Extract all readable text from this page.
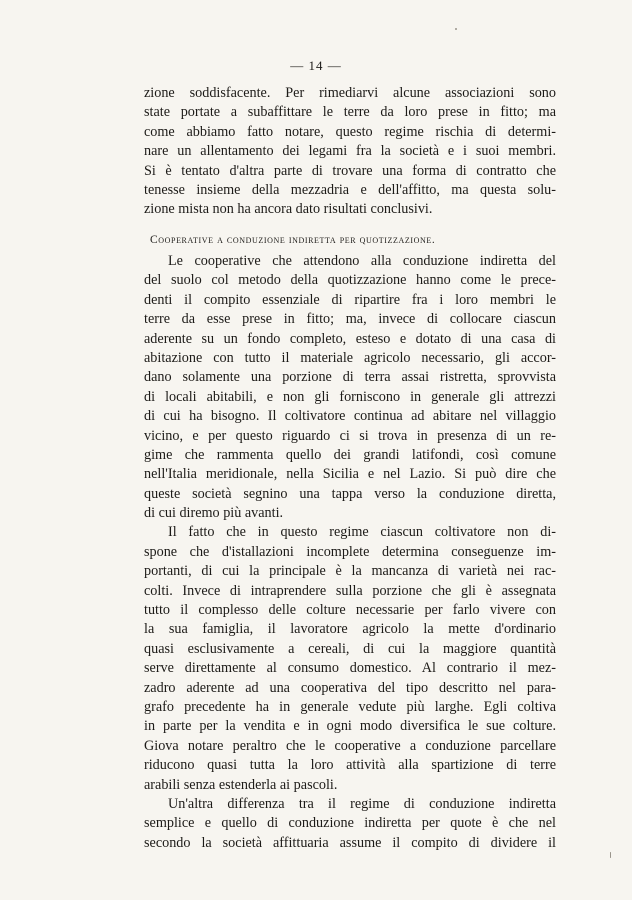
— 14 —
zione soddisfacente. Per rimediarvi alcune associazioni sono
state portate a subaffittare le terre da loro prese in fitto; ma
come abbiamo fatto notare, questo regime rischia di determi-
nare un allentamento dei legami fra la società e i suoi membri.
Si è tentato d'altra parte di trovare una forma di contratto che
tenesse insieme della mezzadria e dell'affitto, ma questa solu-
zione mista non ha ancora dato risultati conclusivi.
Cooperative a conduzione indiretta per quotizzazione.
Le cooperative che attendono alla conduzione indiretta del
del suolo col metodo della quotizzazione hanno come le prece-
denti il compito essenziale di ripartire fra i loro membri le
terre da esse prese in fitto; ma, invece di collocare ciascun
aderente su un fondo completo, esteso e dotato di una casa di
abitazione con tutto il materiale agricolo necessario, gli accor-
dano solamente una porzione di terra assai ristretta, sprovvista
di locali abitabili, e non gli forniscono in generale gli attrezzi
di cui ha bisogno. Il coltivatore continua ad abitare nel villaggio
vicino, e per questo riguardo ci si trova in presenza di un re-
gime che rammenta quello dei grandi latifondi, così comune
nell'Italia meridionale, nella Sicilia e nel Lazio. Si può dire che
queste società segnino una tappa verso la conduzione diretta,
di cui diremo più avanti.
Il fatto che in questo regime ciascun coltivatore non di-
spone che d'istallazioni incomplete determina conseguenze im-
portanti, di cui la principale è la mancanza di varietà nei rac-
colti. Invece di intraprendere sulla porzione che gli è assegnata
tutto il complesso delle colture necessarie per farlo vivere con
la sua famiglia, il lavoratore agricolo la mette d'ordinario
quasi esclusivamente a cereali, di cui la maggiore quantità
serve direttamente al consumo domestico. Al contrario il mez-
zadro aderente ad una cooperativa del tipo descritto nel para-
grafo precedente ha in generale vedute più larghe. Egli coltiva
in parte per la vendita e in ogni modo diversifica le sue colture.
Giova notare peraltro che le cooperative a conduzione parcellare
riducono quasi tutta la loro attività alla spartizione di terre
arabili senza estenderla ai pascoli.
Un'altra differenza tra il regime di conduzione indiretta
semplice e quello di conduzione indiretta per quote è che nel
secondo la società affittuaria assume il compito di dividere il
